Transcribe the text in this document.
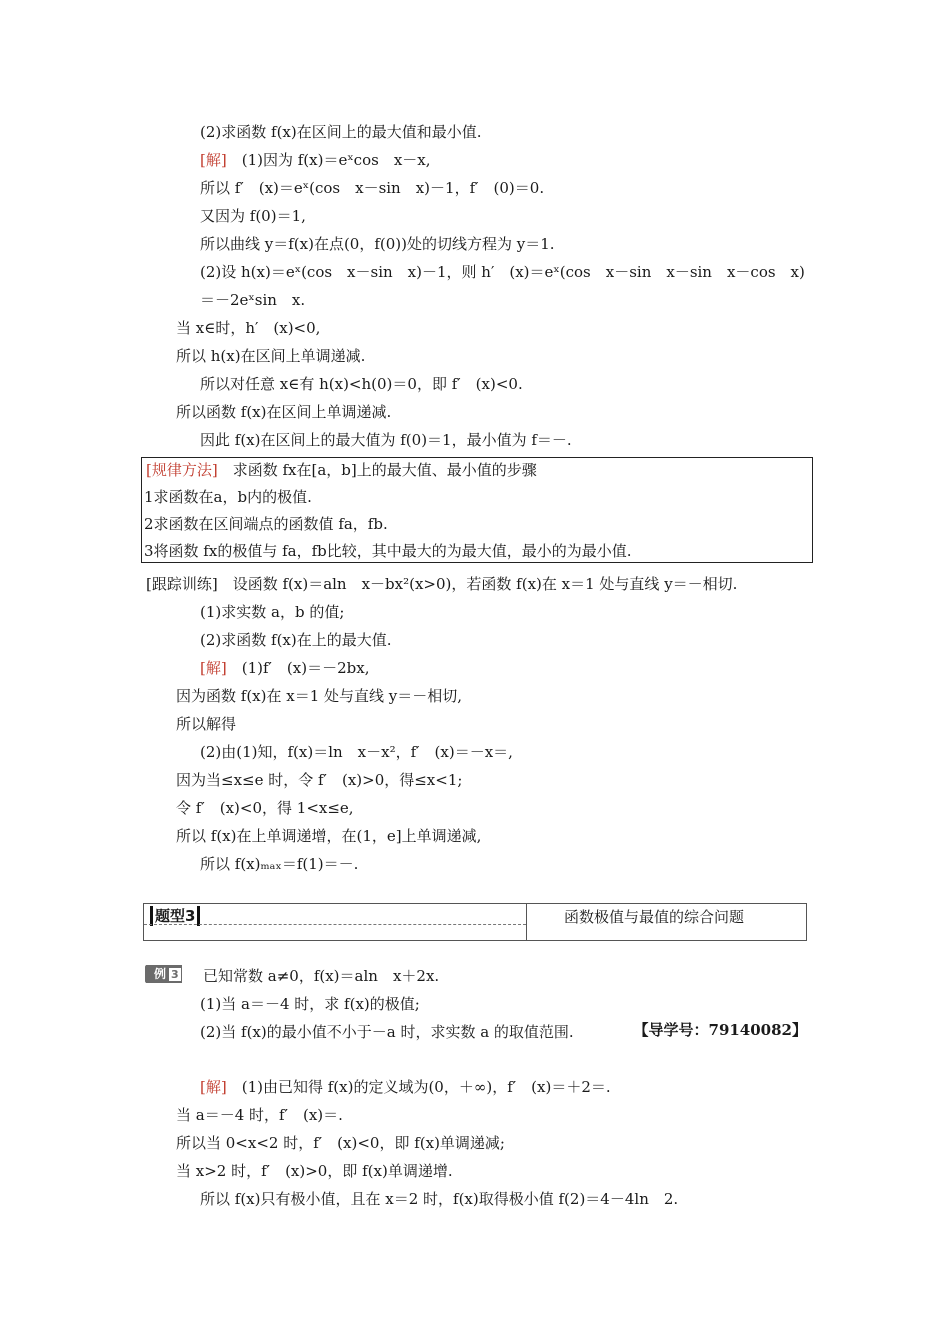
(2)求函数 f(x)在区间上的最大值和最小值.
[解]　(1)因为 f(x)＝eˣcos　x－x,
所以 f′　(x)＝eˣ(cos　x－sin　x)－1，f′　(0)＝0.
又因为 f(0)＝1,
所以曲线 y＝f(x)在点(0，f(0))处的切线方程为 y＝1.
(2)设 h(x)＝eˣ(cos　x－sin　x)－1，则 h′　(x)＝eˣ(cos　x－sin　x－sin　x－cos　x)
＝－2eˣsin　x.
当 x∈时，h′　(x)<0,
所以 h(x)在区间上单调递减.
所以对任意 x∈有 h(x)<h(0)＝0，即 f′　(x)<0.
所以函数 f(x)在区间上单调递减.
因此 f(x)在区间上的最大值为 f(0)＝1，最小值为 f＝－.
[规律方法]　求函数 fx在[a，b]上的最大值、最小值的步骤
1求函数在a，b内的极值.
2求函数在区间端点的函数值 fa，fb.
3将函数 fx的极值与 fa，fb比较，其中最大的为最大值，最小的为最小值.
[跟踪训练]　设函数 f(x)＝aln　x－bx²(x>0)，若函数 f(x)在 x＝1 处与直线 y＝－相切.
(1)求实数 a，b 的值;
(2)求函数 f(x)在上的最大值.
[解]　(1)f′　(x)＝－2bx,
因为函数 f(x)在 x＝1 处与直线 y＝－相切,
所以解得
(2)由(1)知，f(x)＝ln　x－x²，f′　(x)＝－x＝,
因为当≤x≤e 时，令 f′　(x)>0，得≤x<1;
令 f′　(x)<0，得 1<x≤e,
所以 f(x)在上单调递增，在(1，e]上单调递减,
所以 f(x)ₘₐₓ＝f(1)＝－.
题型3	函数极值与最值的综合问题
例 3 已知常数 a≠0，f(x)＝aln　x＋2x.
【导学号：79140082】
(1)当 a＝－4 时，求 f(x)的极值;
(2)当 f(x)的最小值不小于－a 时，求实数 a 的取值范围.
[解]　(1)由已知得 f(x)的定义域为(0，＋∞)，f′　(x)＝＋2＝.
当 a＝－4 时，f′　(x)＝.
所以当 0<x<2 时，f′　(x)<0，即 f(x)单调递减;
当 x>2 时，f′　(x)>0，即 f(x)单调递增.
所以 f(x)只有极小值，且在 x＝2 时，f(x)取得极小值 f(2)＝4－4ln　2.
